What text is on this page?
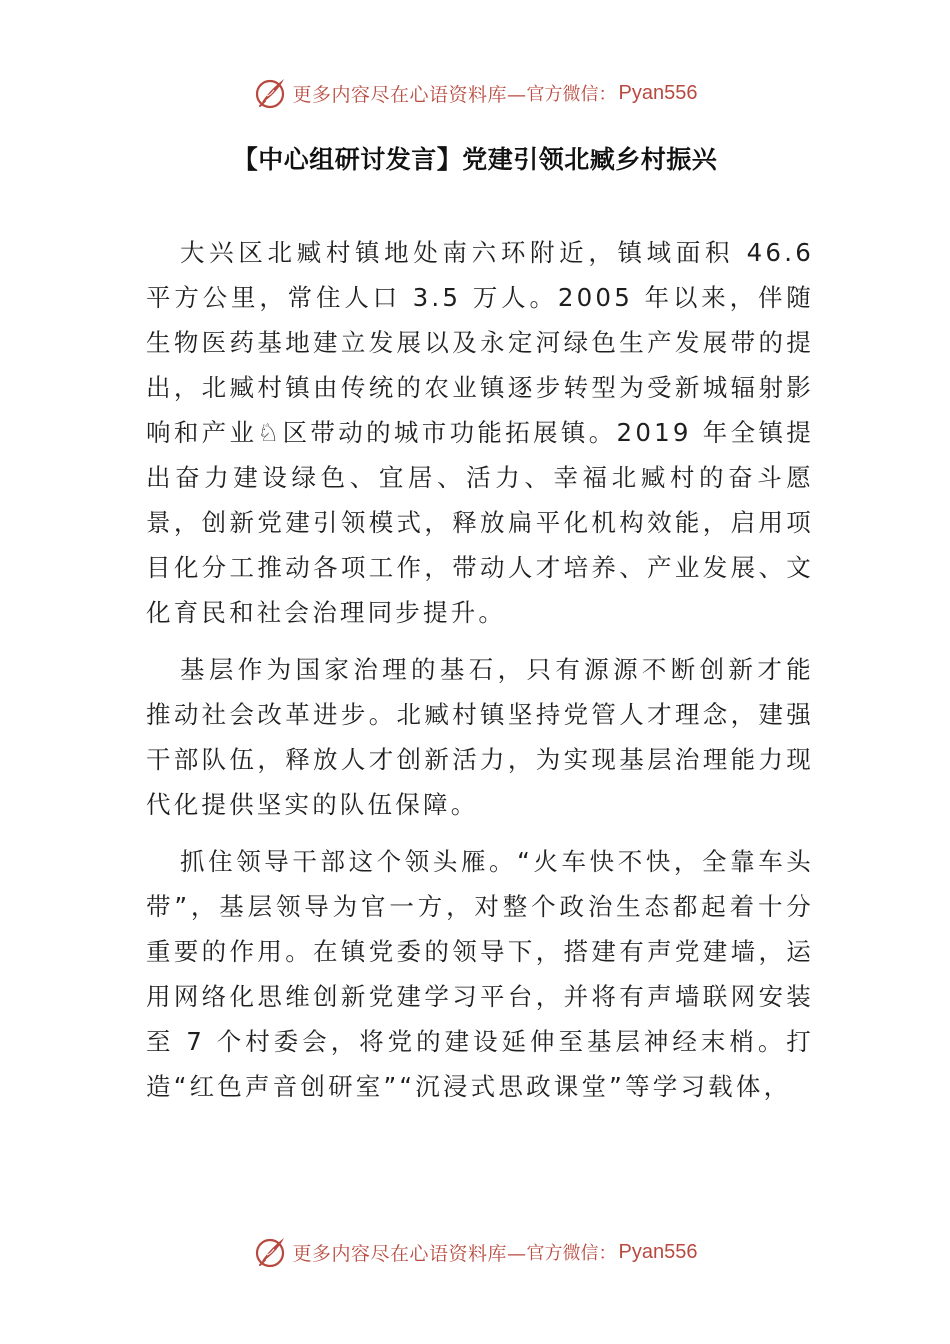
更多内容尽在心语资料库— 官方微信： Pyan556
【中心组研讨发言】党建引领北臧乡村振兴

大兴区北臧村镇地处南六环附近，镇域面积 46.6 平方公里，常住人口 3.5 万人。2005 年以来，伴随生物医药基地建立发展以及永定河绿色生产发展带的提出，北臧村镇由传统的农业镇逐步转型为受新城辐射影响和产业♘区带动的城市功能拓展镇。2019 年全镇提出奋力建设绿色、宜居、活力、幸福北臧村的奋斗愿景，创新党建引领模式，释放扁平化机构效能，启用项目化分工推动各项工作，带动人才培养、产业发展、文化育民和社会治理同步提升。

基层作为国家治理的基石，只有源源不断创新才能推动社会改革进步。北臧村镇坚持党管人才理念，建强干部队伍，释放人才创新活力，为实现基层治理能力现代化提供坚实的队伍保障。

抓住领导干部这个领头雁。“火车快不快，全靠车头带”，基层领导为官一方，对整个政治生态都起着十分重要的作用。在镇党委的领导下，搭建有声党建墙，运用网络化思维创新党建学习平台，并将有声墙联网安装至 7 个村委会，将党的建设延伸至基层神经末梢。打造“红色声音创研室”“沉浸式思政课堂”等学习载体，

更多内容尽在心语资料库— 官方微信： Pyan556
